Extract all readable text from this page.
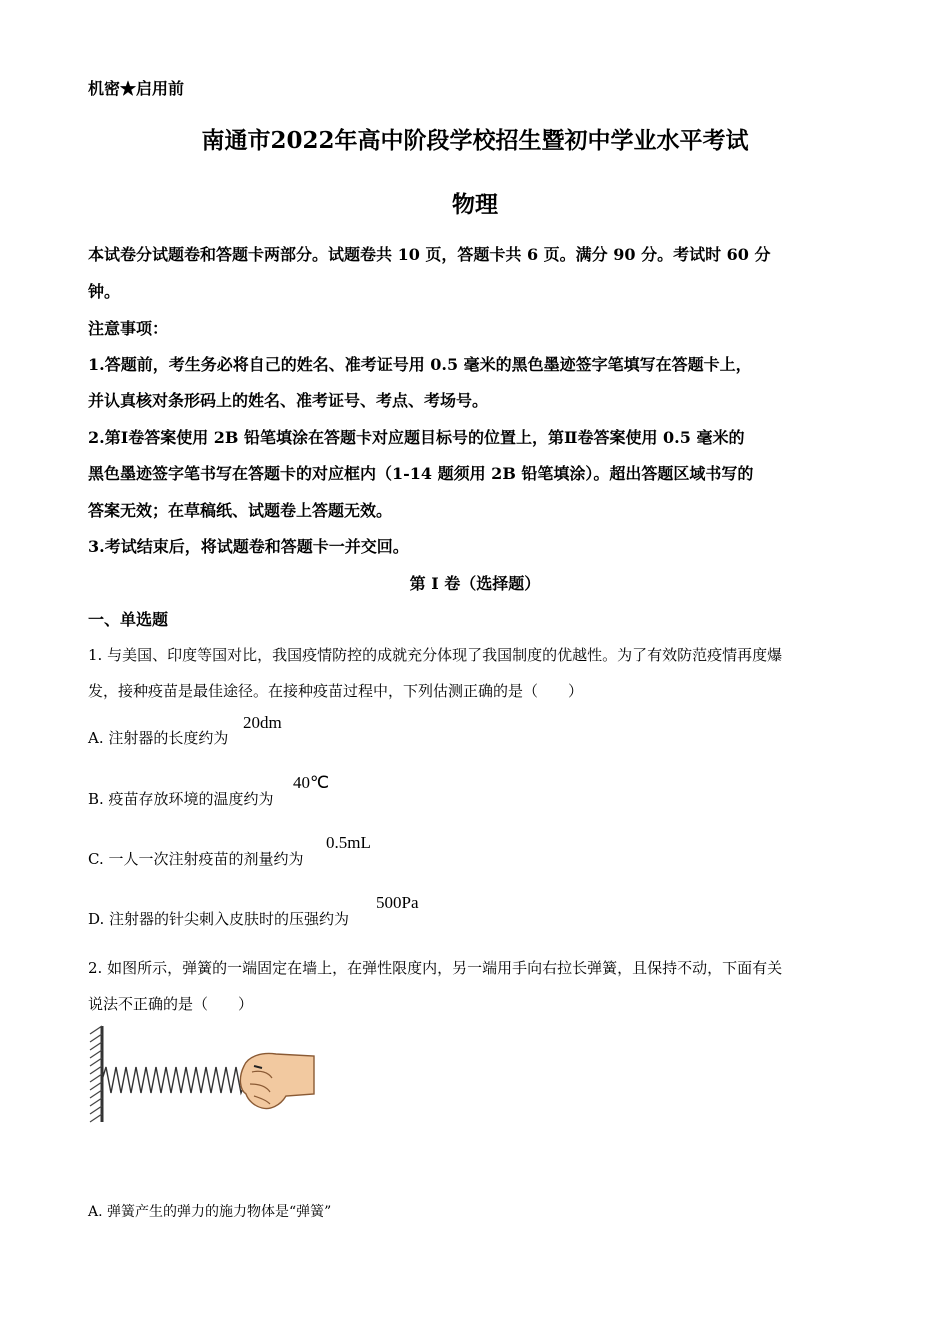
机密★启用前
南通市2022年高中阶段学校招生暨初中学业水平考试
物理
本试卷分试题卷和答题卡两部分。试题卷共 10 页，答题卡共 6 页。满分 90 分。考试时 60 分
钟。
注意事项：
1.答题前，考生务必将自己的姓名、准考证号用 0.5 毫米的黑色墨迹签字笔填写在答题卡上，
并认真核对条形码上的姓名、准考证号、考点、考场号。
2.第Ⅰ卷答案使用 2B 铅笔填涂在答题卡对应题目标号的位置上，第Ⅱ卷答案使用 0.5 毫米的
黑色墨迹签字笔书写在答题卡的对应框内（1-14 题须用 2B 铅笔填涂）。超出答题区域书写的
答案无效；在草稿纸、试题卷上答题无效。
3.考试结束后，将试题卷和答题卡一并交回。
第 I 卷（选择题）
一、单选题
1. 与美国、印度等国对比，我国疫情防控的成就充分体现了我国制度的优越性。为了有效防范疫情再度爆
发，接种疫苗是最佳途径。在接种疫苗过程中，下列估测正确的是（　　）
A. 注射器的长度约为
20dm
B. 疫苗存放环境的温度约为
40℃
C. 一人一次注射疫苗的剂量约为
0.5mL
D. 注射器的针尖刺入皮肤时的压强约为
500Pa
2. 如图所示，弹簧的一端固定在墙上，在弹性限度内，另一端用手向右拉长弹簧，且保持不动，下面有关
说法不正确的是（　　）
A. 弹簧产生的弹力的施力物体是“弹簧”
